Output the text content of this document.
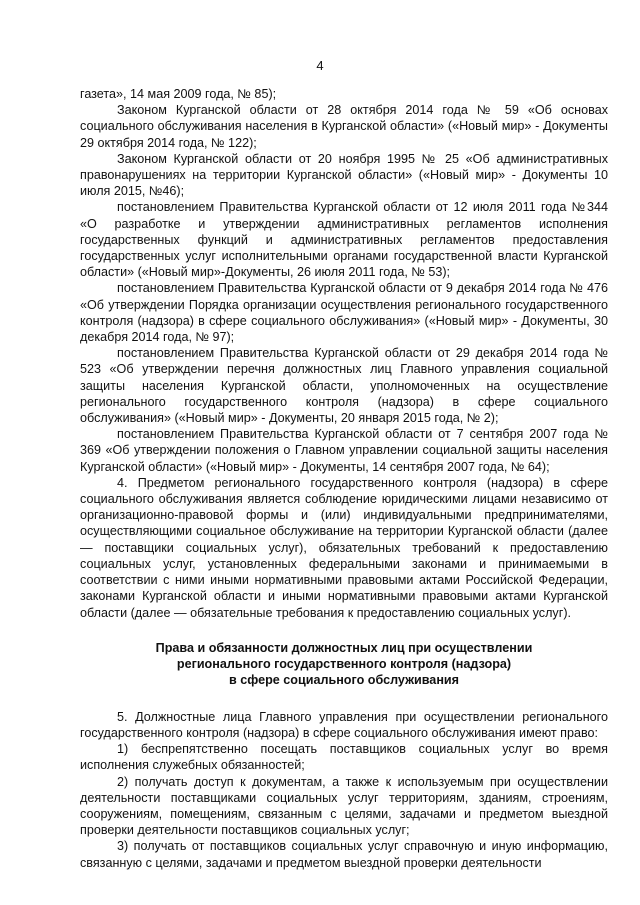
4

газета», 14 мая 2009 года, № 85);

Законом Курганской области от 28 октября 2014 года № 59 «Об основах социального обслуживания населения в Курганской области» («Новый мир» - Документы 29 октября 2014 года, № 122);

Законом Курганской области от 20 ноября 1995 № 25 «Об административных правонарушениях на территории Курганской области» («Новый мир» - Документы 10 июля 2015, №46);

постановлением Правительства Курганской области от 12 июля 2011 года №344 «О разработке и утверждении административных регламентов исполнения государственных функций и административных регламентов предоставления государственных услуг исполнительными органами государственной власти Курганской области» («Новый мир»-Документы, 26 июля 2011 года, № 53);

постановлением Правительства Курганской области от 9 декабря 2014 года № 476 «Об утверждении Порядка организации осуществления регионального государственного контроля (надзора) в сфере социального обслуживания» («Новый мир» - Документы, 30 декабря 2014 года, № 97);

постановлением Правительства Курганской области от 29 декабря 2014 года № 523 «Об утверждении перечня должностных лиц Главного управления социальной защиты населения Курганской области, уполномоченных на осуществление регионального государственного контроля (надзора) в сфере социального обслуживания» («Новый мир» - Документы, 20 января 2015 года, № 2);

постановлением Правительства Курганской области от 7 сентября 2007 года № 369 «Об утверждении положения о Главном управлении социальной защиты населения Курганской области» («Новый мир» - Документы, 14 сентября 2007 года, № 64);

4. Предметом регионального государственного контроля (надзора) в сфере социального обслуживания является соблюдение юридическими лицами независимо от организационно-правовой формы и (или) индивидуальными предпринимателями, осуществляющими социальное обслуживание на территории Курганской области (далее — поставщики социальных услуг), обязательных требований к предоставлению социальных услуг, установленных федеральными законами и принимаемыми в соответствии с ними иными нормативными правовыми актами Российской Федерации, законами Курганской области и иными нормативными правовыми актами Курганской области (далее — обязательные требования к предоставлению социальных услуг).

Права и обязанности должностных лиц при осуществлении
регионального государственного контроля (надзора)
в сфере социального обслуживания

5. Должностные лица Главного управления при осуществлении регионального государственного контроля (надзора) в сфере социального обслуживания имеют право:

1) беспрепятственно посещать поставщиков социальных услуг во время исполнения служебных обязанностей;

2) получать доступ к документам, а также к используемым при осуществлении деятельности поставщиками социальных услуг территориям, зданиям, строениям, сооружениям, помещениям, связанным с целями, задачами и предметом выездной проверки деятельности поставщиков социальных услуг;

3) получать от поставщиков социальных услуг справочную и иную информацию, связанную с целями, задачами и предметом выездной проверки деятельности
